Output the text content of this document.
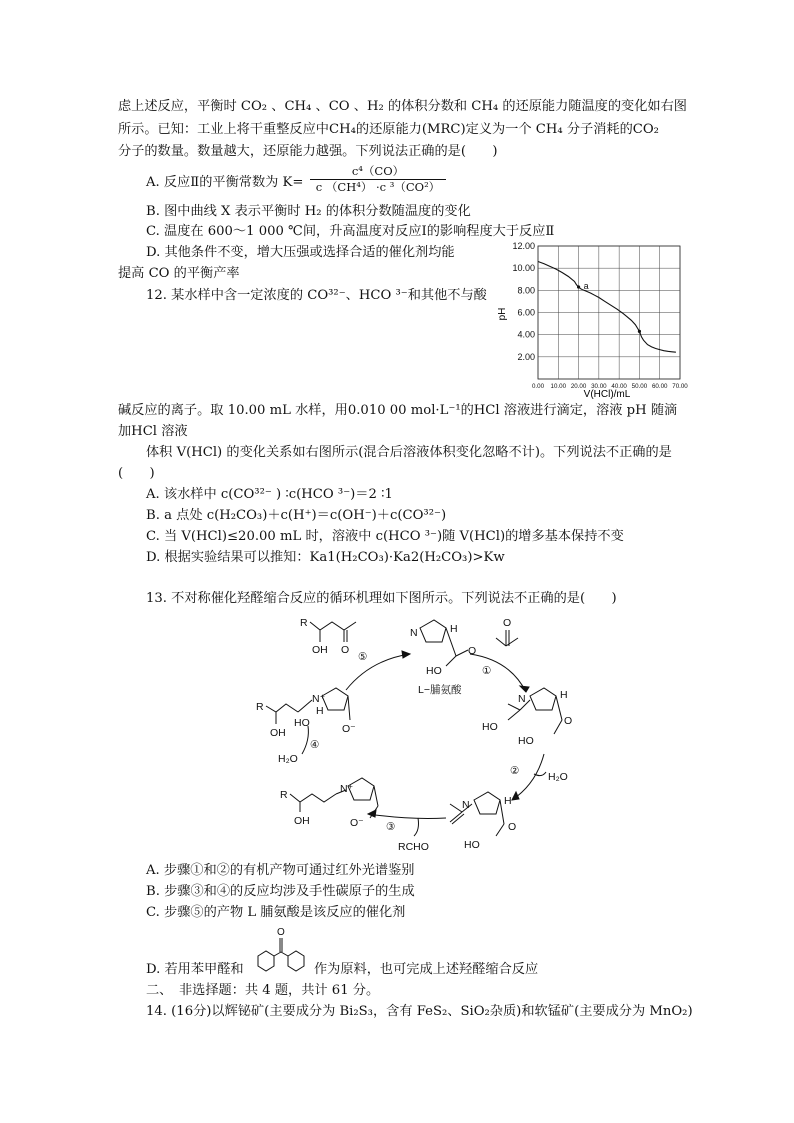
虑上述反应，平衡时 CO₂ 、CH₄ 、CO 、H₂ 的体积分数和 CH₄ 的还原能力随温度的变化如右图
所示。已知：工业上将干重整反应中CH₄的还原能力(MRC)定义为一个 CH₄ 分子消耗的CO₂
分子的数量。数量越大，还原能力越强。下列说法正确的是(　　)
A. 反应Ⅱ的平衡常数为 K=
c⁴（CO）
c （CH⁴） ·c ³（CO²）
B. 图中曲线 X 表示平衡时 H₂ 的体积分数随温度的变化
C. 温度在 600～1 000 ℃间，升高温度对反应Ⅰ的影响程度大于反应Ⅱ
D. 其他条件不变，增大压强或选择合适的催化剂均能
提高 CO 的平衡产率
12. 某水样中含一定浓度的 CO³²⁻、HCO ³⁻和其他不与酸
0.00 10.00 20.00 30.00 40.00 50.00 60.00 70.00
2.00
4.00
6.00
8.00
10.00
12.00
a
pH
V(HCl)/mL
碱反应的离子。取 10.00 mL 水样，用0.010 00 mol·L⁻¹的HCl 溶液进行滴定，溶液 pH 随滴
加HCl 溶液
体积 V(HCl) 的变化关系如右图所示(混合后溶液体积变化忽略不计)。下列说法不正确的是
(　　)
A. 该水样中 c(CO³²⁻ ) ∶c(HCO ³⁻)＝2 ∶1
B. a 点处 c(H₂CO₃)＋c(H⁺)＝c(OH⁻)＋c(CO³²⁻)
C. 当 V(HCl)≤20.00 mL 时，溶液中 c(HCO ³⁻)随 V(HCl)的增多基本保持不变
D. 根据实验结果可以推知：Ka1(H₂CO₃)·Ka2(H₂CO₃)>Kw
13. 不对称催化羟醛缩合反应的循环机理如下图所示。下列说法不正确的是(　　)
R
OH O
N	H
HO
O
L−脯氨酸
O
①
N	H
HO
HO
O
②	H₂O
N	H
HO
O
③
RCHO
R
OH
N⁺
O⁻
R
OH
HO
N⁺
H
O⁻
H₂O
④
⑤
A. 步骤①和②的有机产物可通过红外光谱鉴别
B. 步骤③和④的反应均涉及手性碳原子的生成
C. 步骤⑤的产物 L 脯氨酸是该反应的催化剂
D. 若用苯甲醛和
O
作为原料，也可完成上述羟醛缩合反应
二、　非选择题：共 4 题，共计 61 分。
14. (16分)以辉铋矿(主要成分为 Bi₂S₃，含有 FeS₂、SiO₂杂质)和软锰矿(主要成分为 MnO₂)
